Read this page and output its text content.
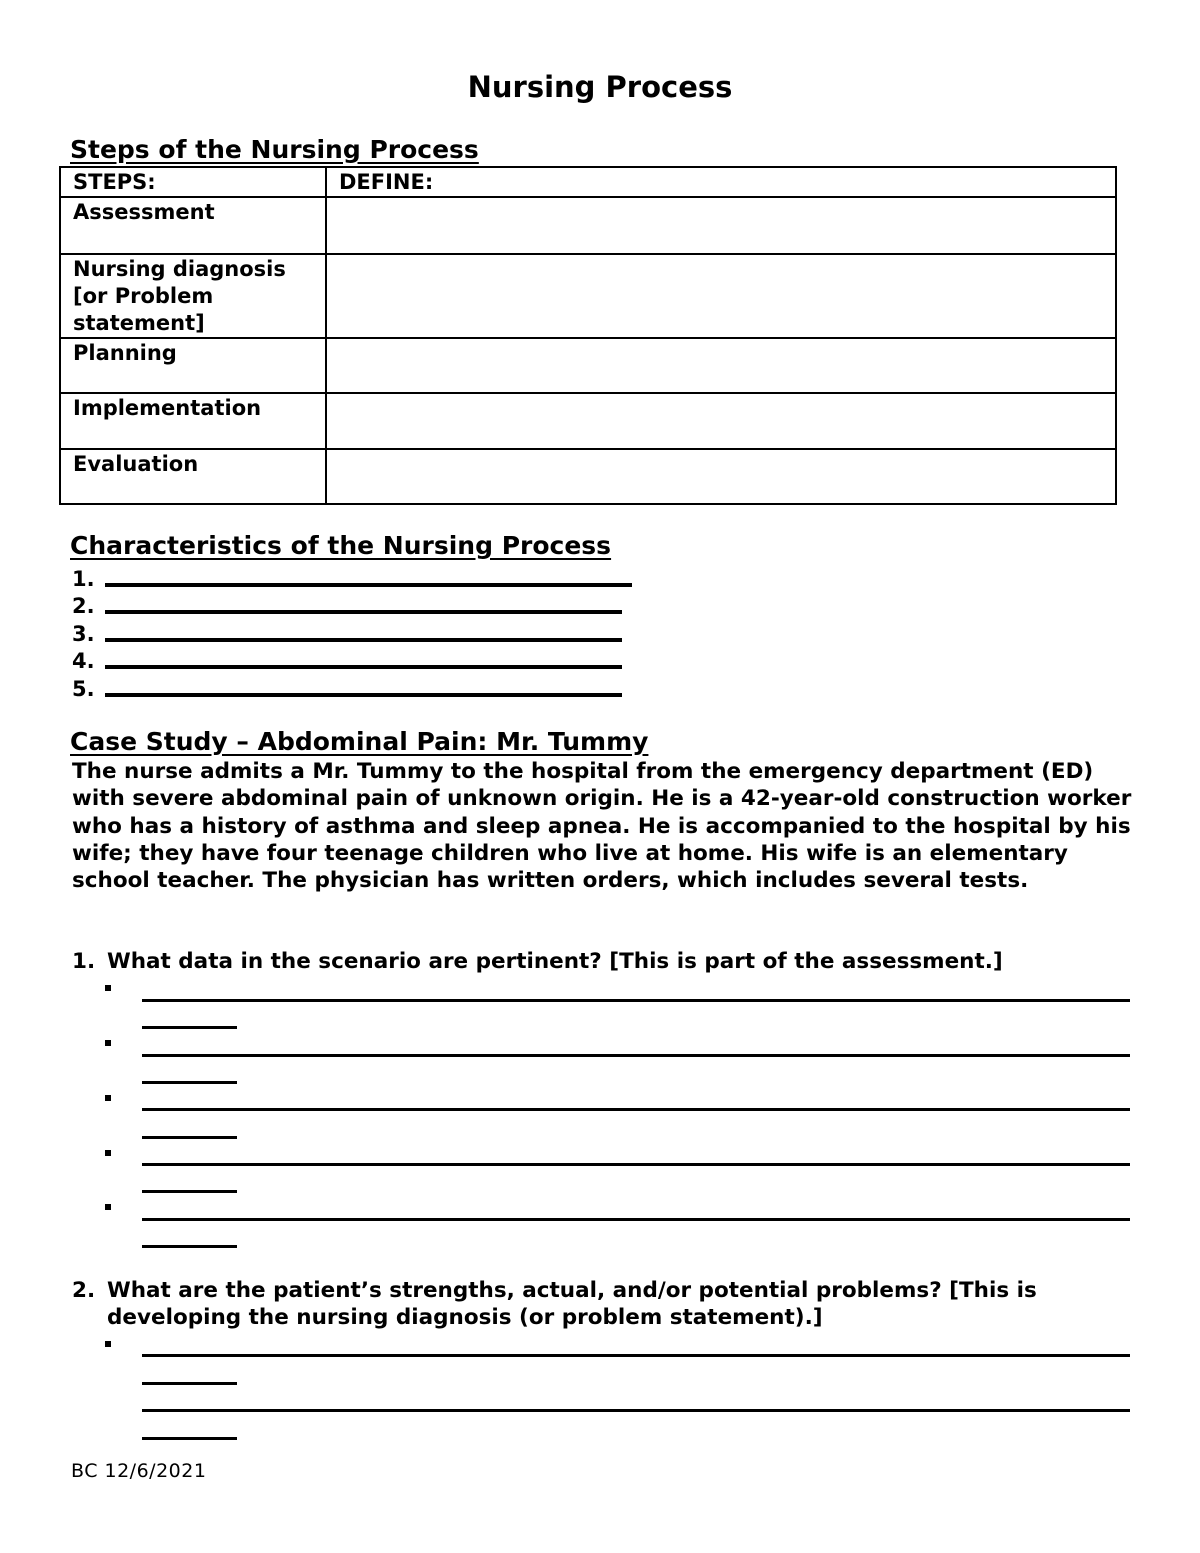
Nursing Process
Steps of the Nursing Process
STEPS:	DEFINE:
Assessment	
Nursing diagnosis [or Problem statement]	
Planning	
Implementation	
Evaluation	
Characteristics of the Nursing Process
1.
2.
3.
4.
5.
Case Study – Abdominal Pain: Mr. Tummy
The nurse admits a Mr. Tummy to the hospital from the emergency department (ED) with severe abdominal pain of unknown origin. He is a 42-year-old construction worker who has a history of asthma and sleep apnea. He is accompanied to the hospital by his wife; they have four teenage children who live at home. His wife is an elementary school teacher. The physician has written orders, which includes several tests.
1. What data in the scenario are pertinent? [This is part of the assessment.]
2. What are the patient’s strengths, actual, and/or potential problems? [This is developing the nursing diagnosis (or problem statement).]
BC 12/6/2021
